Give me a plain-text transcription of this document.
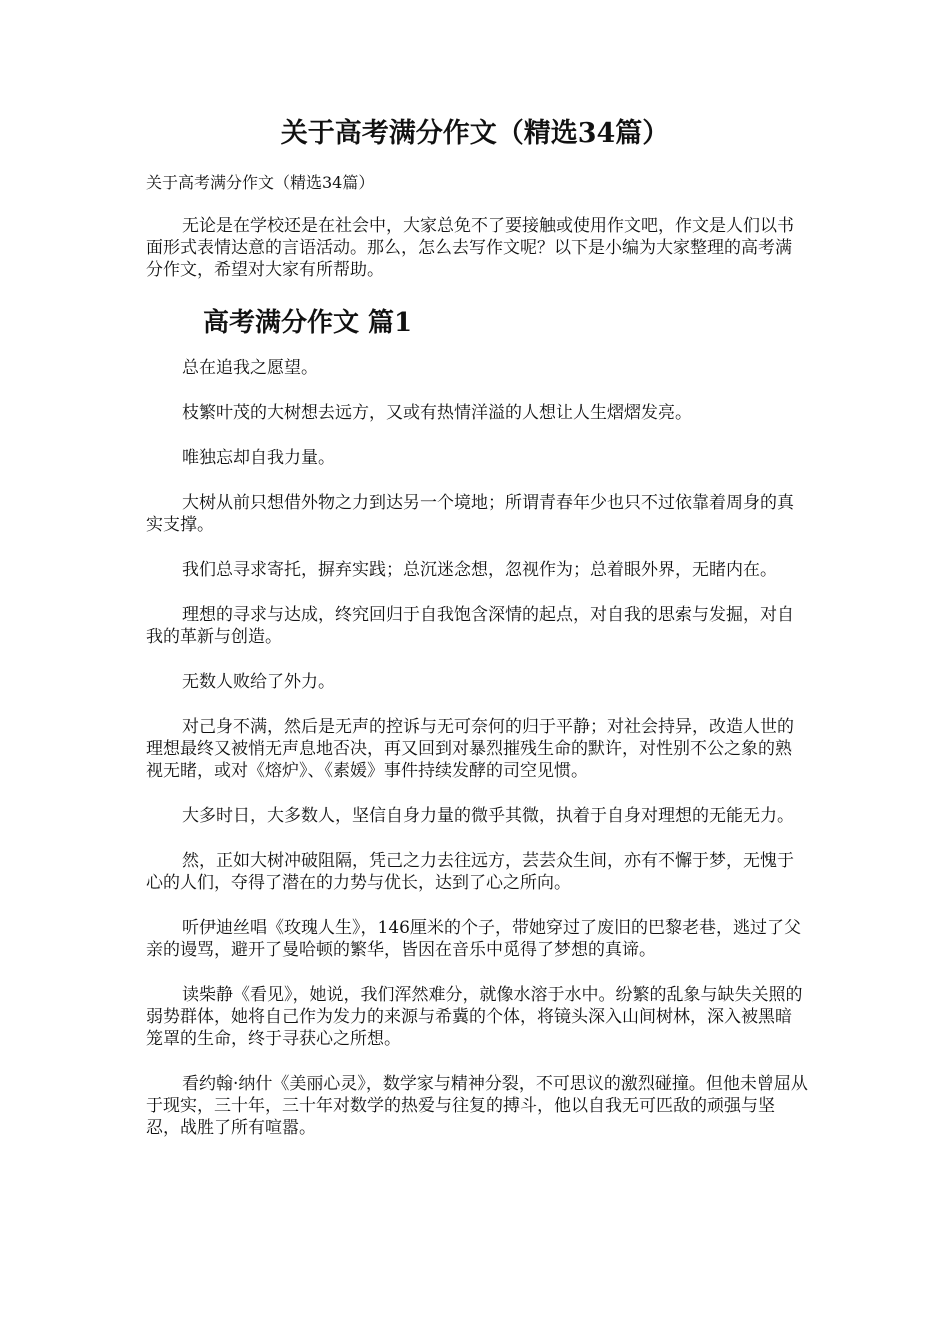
关于高考满分作文（精选34篇）

关于高考满分作文（精选34篇）

无论是在学校还是在社会中，大家总免不了要接触或使用作文吧，作文是人们以书面形式表情达意的言语活动。那么，怎么去写作文呢？以下是小编为大家整理的高考满分作文，希望对大家有所帮助。

高考满分作文 篇1

总在追我之愿望。

枝繁叶茂的大树想去远方，又或有热情洋溢的人想让人生熠熠发亮。

唯独忘却自我力量。

大树从前只想借外物之力到达另一个境地；所谓青春年少也只不过依靠着周身的真实支撑。

我们总寻求寄托，摒弃实践；总沉迷念想，忽视作为；总着眼外界，无睹内在。

理想的寻求与达成，终究回归于自我饱含深情的起点，对自我的思索与发掘，对自我的革新与创造。

无数人败给了外力。

对己身不满，然后是无声的控诉与无可奈何的归于平静；对社会持异，改造人世的理想最终又被悄无声息地否决，再又回到对暴烈摧残生命的默许，对性别不公之象的熟视无睹，或对《熔炉》、《素媛》事件持续发酵的司空见惯。

大多时日，大多数人，坚信自身力量的微乎其微，执着于自身对理想的无能无力。

然，正如大树冲破阻隔，凭己之力去往远方，芸芸众生间，亦有不懈于梦，无愧于心的人们，夺得了潜在的力势与优长，达到了心之所向。

听伊迪丝唱《玫瑰人生》，146厘米的个子，带她穿过了废旧的巴黎老巷，逃过了父亲的谩骂，避开了曼哈顿的繁华，皆因在音乐中觅得了梦想的真谛。

读柴静《看见》，她说，我们浑然难分，就像水溶于水中。纷繁的乱象与缺失关照的弱势群体，她将自己作为发力的来源与希冀的个体，将镜头深入山间树林，深入被黑暗笼罩的生命，终于寻获心之所想。

看约翰·纳什《美丽心灵》，数学家与精神分裂，不可思议的激烈碰撞。但他未曾屈从于现实，三十年，三十年对数学的热爱与往复的搏斗，他以自我无可匹敌的顽强与坚忍，战胜了所有喧嚣。
